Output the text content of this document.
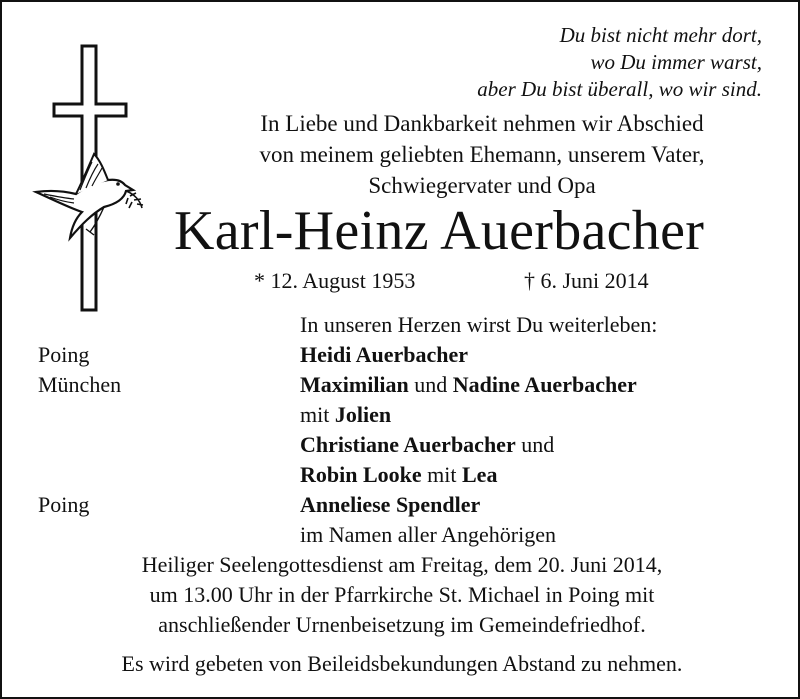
Du bist nicht mehr dort,
wo Du immer warst,
aber Du bist überall, wo wir sind.
In Liebe und Dankbarkeit nehmen wir Abschied
von meinem geliebten Ehemann, unserem Vater,
Schwiegervater und Opa
Karl-Heinz Auerbacher
* 12. August 1953	† 6. Juni 2014
In unseren Herzen wirst Du weiterleben:
Poing	Heidi Auerbacher
München	Maximilian und Nadine Auerbacher
mit Jolien
Christiane Auerbacher und
Robin Looke mit Lea
Poing	Anneliese Spendler
im Namen aller Angehörigen
Heiliger Seelengottesdienst am Freitag, dem 20. Juni 2014,
um 13.00 Uhr in der Pfarrkirche St. Michael in Poing mit
anschließender Urnenbeisetzung im Gemeindefriedhof.
Es wird gebeten von Beileidsbekundungen Abstand zu nehmen.
